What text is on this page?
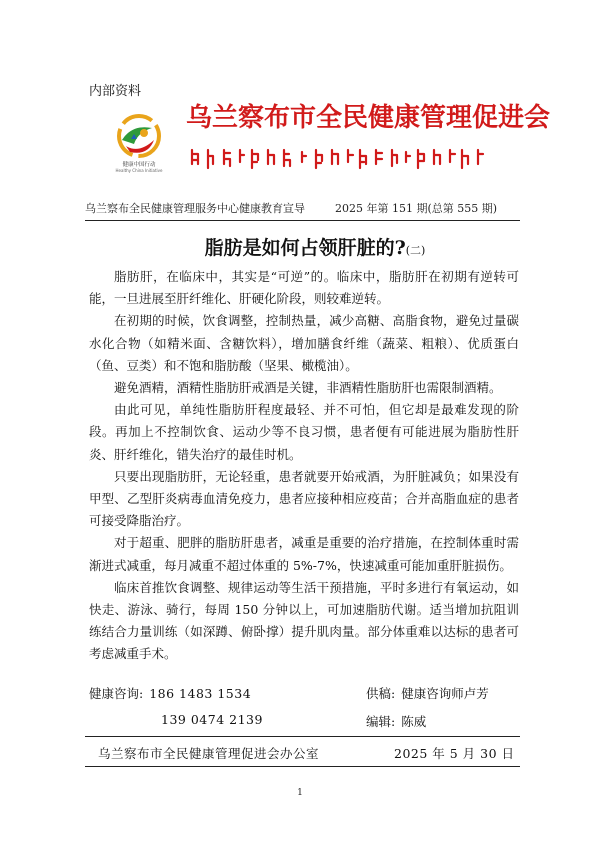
内部资料
健康中国行动
Healthy China Initiative
乌兰察布市全民健康管理促进会
乌兰察布全民健康管理服务中心健康教育宣导	2025 年第 151 期(总第 555 期)
脂肪是如何占领肝脏的?(二)

脂肪肝，在临床中，其实是“可逆”的。临床中，脂肪肝在初期有逆转可能，一旦进展至肝纤维化、肝硬化阶段，则较难逆转。

在初期的时候，饮食调整，控制热量，减少高糖、高脂食物，避免过量碳水化合物（如精米面、含糖饮料），增加膳食纤维（蔬菜、粗粮）、优质蛋白（鱼、豆类）和不饱和脂肪酸（坚果、橄榄油）。

避免酒精，酒精性脂肪肝戒酒是关键，非酒精性脂肪肝也需限制酒精。

由此可见，单纯性脂肪肝程度最轻、并不可怕，但它却是最难发现的阶段。再加上不控制饮食、运动少等不良习惯，患者便有可能进展为脂肪性肝炎、肝纤维化，错失治疗的最佳时机。

只要出现脂肪肝，无论轻重，患者就要开始戒酒，为肝脏减负；如果没有甲型、乙型肝炎病毒血清免疫力，患者应接种相应疫苗；合并高脂血症的患者可接受降脂治疗。

对于超重、肥胖的脂肪肝患者，减重是重要的治疗措施，在控制体重时需渐进式减重，每月减重不超过体重的 5%-7%，快速减重可能加重肝脏损伤。

临床首推饮食调整、规律运动等生活干预措施，平时多进行有氧运动，如快走、游泳、骑行，每周 150 分钟以上，可加速脂肪代谢。适当增加抗阻训练结合力量训练（如深蹲、俯卧撑）提升肌肉量。部分体重难以达标的患者可考虑减重手术。

健康咨询: 186 1483 1534
139 0474 2139
供稿: 健康咨询师卢芳
编辑: 陈威
乌兰察布市全民健康管理促进会办公室	2025 年 5 月 30 日
1
